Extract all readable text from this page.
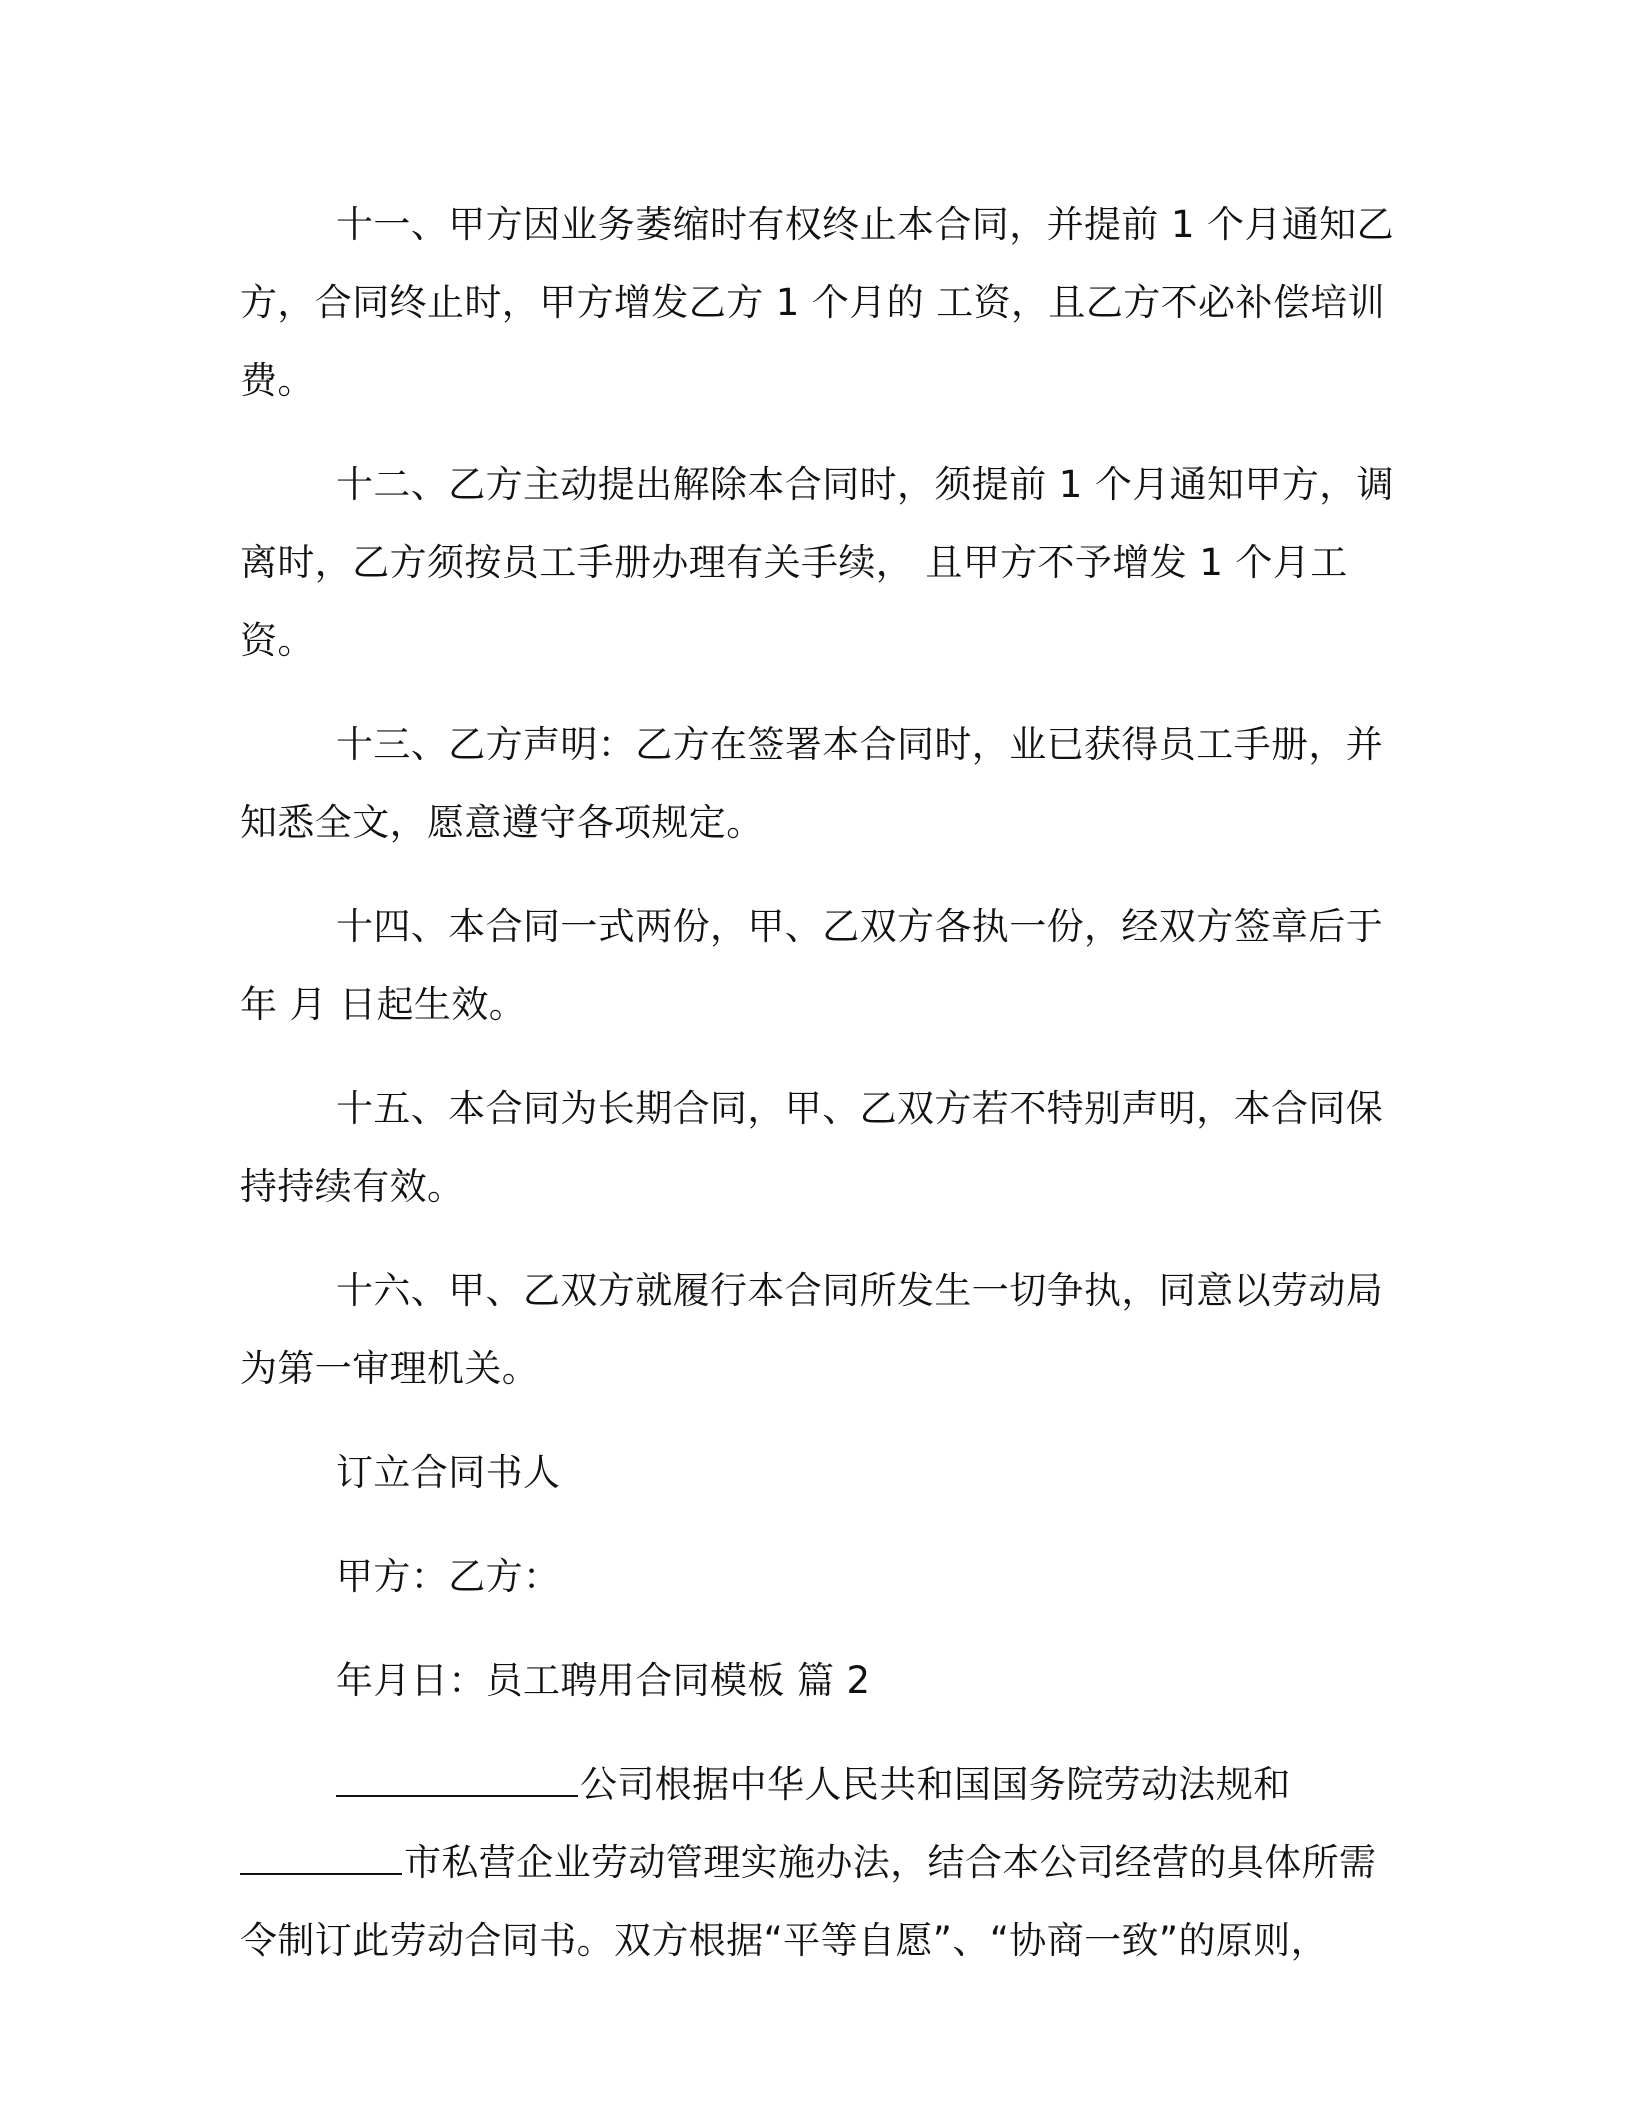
十一、甲方因业务萎缩时有权终止本合同，并提前 1 个月通知乙方，合同终止时，甲方增发乙方 1 个月的 工资，且乙方不必补偿培训费。

十二、乙方主动提出解除本合同时，须提前 1 个月通知甲方，调离时，乙方须按员工手册办理有关手续， 且甲方不予增发 1 个月工资。

十三、乙方声明：乙方在签署本合同时，业已获得员工手册，并知悉全文，愿意遵守各项规定。

十四、本合同一式两份，甲、乙双方各执一份，经双方签章后于 年 月 日起生效。

十五、本合同为长期合同，甲、乙双方若不特别声明，本合同保持持续有效。

十六、甲、乙双方就履行本合同所发生一切争执，同意以劳动局为第一审理机关。

订立合同书人

甲方：乙方：

年月日：员工聘用合同模板 篇 2

公司根据中华人民共和国国务院劳动法规和市私营企业劳动管理实施办法，结合本公司经营的具体所需令制订此劳动合同书。双方根据“平等自愿”、“协商一致”的原则，
